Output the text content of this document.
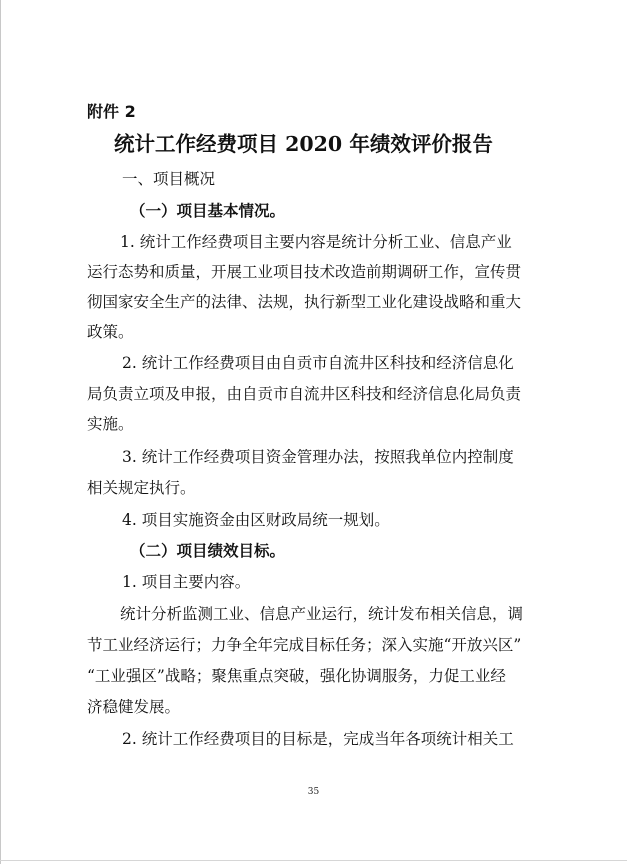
附件 2
统计工作经费项目 2020 年绩效评价报告
一、项目概况
（一）项目基本情况。
1. 统计工作经费项目主要内容是统计分析工业、信息产业
运行态势和质量，开展工业项目技术改造前期调研工作，宣传贯
彻国家安全生产的法律、法规，执行新型工业化建设战略和重大
政策。
2. 统计工作经费项目由自贡市自流井区科技和经济信息化
局负责立项及申报，由自贡市自流井区科技和经济信息化局负责
实施。
3. 统计工作经费项目资金管理办法，按照我单位内控制度
相关规定执行。
4. 项目实施资金由区财政局统一规划。
（二）项目绩效目标。
1. 项目主要内容。
统计分析监测工业、信息产业运行，统计发布相关信息，调
节工业经济运行；力争全年完成目标任务；深入实施“开放兴区”
“工业强区”战略；聚焦重点突破，强化协调服务，力促工业经
济稳健发展。
2. 统计工作经费项目的目标是，完成当年各项统计相关工
35
